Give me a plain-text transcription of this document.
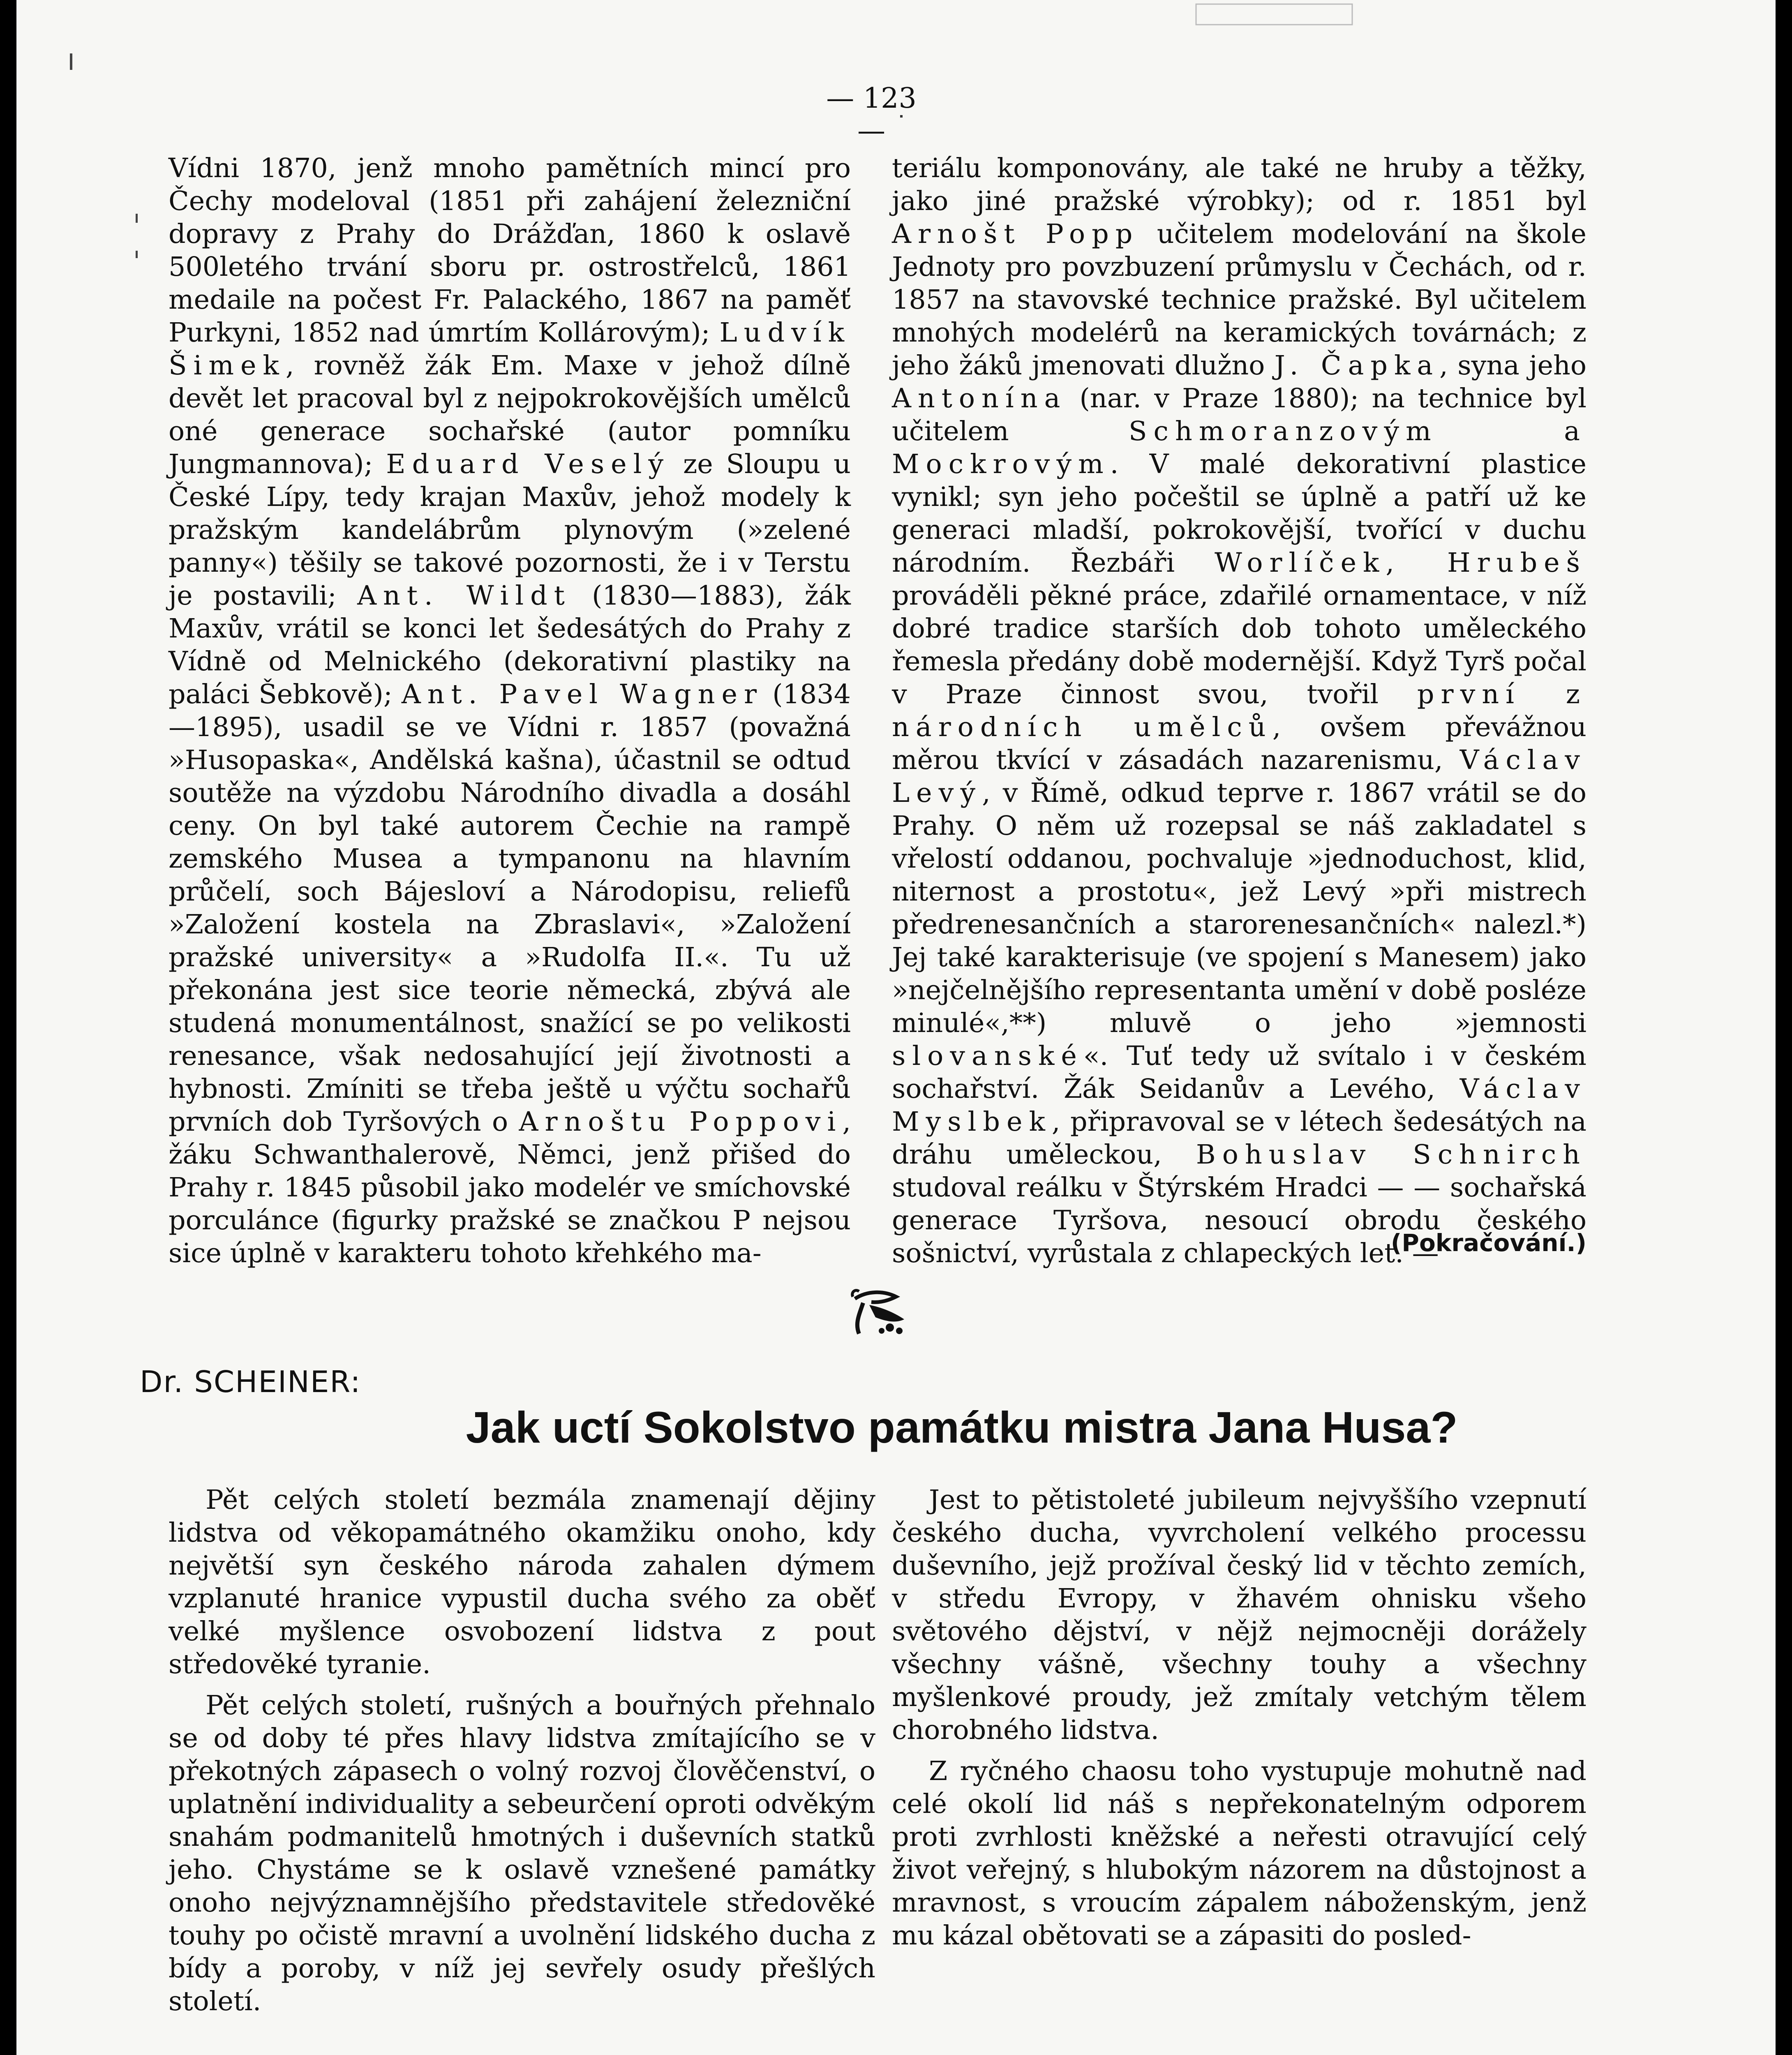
— 123 —

Vídni 1870, jenž mnoho pamětních mincí pro Čechy modeloval (1851 při zahájení železniční dopravy z Prahy do Drážďan, 1860 k oslavě 500letého trvání sboru pr. ostrostřelců, 1861 medaile na počest Fr. Palackého, 1867 na paměť Purkyni, 1852 nad úmrtím Kollárovým); Ludvík Šimek, rovněž žák Em. Maxe v jehož dílně devět let pracoval byl z nejpokrokovějších umělců oné generace sochařské (autor pomníku Jungmannova); Eduard Veselý ze Sloupu u České Lípy, tedy krajan Maxův, jehož modely k pražským kandelábrům plynovým (»zelené panny«) těšily se takové pozornosti, že i v Terstu je postavili; Ant. Wildt (1830—1883), žák Maxův, vrátil se konci let šedesátých do Prahy z Vídně od Melnického (dekorativní plastiky na paláci Šebkově); Ant. Pavel Wagner (1834—1895), usadil se ve Vídni r. 1857 (považná »Husopaska«, Andělská kašna), účastnil se odtud soutěže na výzdobu Národního divadla a dosáhl ceny. On byl také autorem Čechie na rampě zemského Musea a tympanonu na hlavním průčelí, soch Bájesloví a Národopisu, reliefů »Založení kostela na Zbraslavi«, »Založení pražské university« a »Rudolfa II.«. Tu už překonána jest sice teorie německá, zbývá ale studená monumentálnost, snažící se po velikosti renesance, však nedosahující její životnosti a hybnosti. Zmíniti se třeba ještě u výčtu sochařů prvních dob Tyršových o Arnoštu Poppovi, žáku Schwanthalerově, Němci, jenž přišed do Prahy r. 1845 působil jako modelér ve smíchovské porculánce (figurky pražské se značkou P nejsou sice úplně v karakteru tohoto křehkého ma-

teriálu komponovány, ale také ne hruby a těžky, jako jiné pražské výrobky); od r. 1851 byl Arnošt Popp učitelem modelování na škole Jednoty pro povzbuzení průmyslu v Čechách, od r. 1857 na stavovské technice pražské. Byl učitelem mnohých modelérů na keramických továrnách; z jeho žáků jmenovati dlužno J. Čapka, syna jeho Antonína (nar. v Praze 1880); na technice byl učitelem Schmoranzovým a Mockrovým. V malé dekorativní plastice vynikl; syn jeho počeštil se úplně a patří už ke generaci mladší, pokrokovější, tvořící v duchu národním. Řezbáři Worlíček, Hrubeš prováděli pěkné práce, zdařilé ornamentace, v níž dobré tradice starších dob tohoto uměleckého řemesla předány době modernější. Když Tyrš počal v Praze činnost svou, tvořil první z národních umělců, ovšem převážnou měrou tkvící v zásadách nazarenismu, Václav Levý, v Římě, odkud teprve r. 1867 vrátil se do Prahy. O něm už rozepsal se náš zakladatel s vřelostí oddanou, pochvaluje »jednoduchost, klid, niternost a prostotu«, jež Levý »při mistrech předrenesančních a starorenesančních« nalezl.*) Jej také karakterisuje (ve spojení s Manesem) jako »nejčelnějšího representanta umění v době posléze minulé«,**) mluvě o jeho »jemnosti slovanské«. Tuť tedy už svítalo i v českém sochařství. Žák Seidanův a Levého, Václav Myslbek, připravoval se v létech šedesátých na dráhu uměleckou, Bohuslav Schnirch studoval reálku v Štýrském Hradci — — sochařská generace Tyršova, nesoucí obrodu českého sošnictví, vyrůstala z chlapeckých let. —

(Pokračování.)
Dr. SCHEINER:
Jak uctí Sokolstvo památku mistra Jana Husa?

Pět celých století bezmála znamenají dějiny lidstva od věkopamátného okamžiku onoho, kdy největší syn českého národa zahalen dýmem vzplanuté hranice vypustil ducha svého za oběť velké myšlence osvobození lidstva z pout středověké tyranie.

Pět celých století, rušných a bouřných přehnalo se od doby té přes hlavy lidstva zmítajícího se v překotných zápasech o volný rozvoj člověčenství, o uplatnění individuality a sebeurčení oproti odvěkým snahám podmanitelů hmotných i duševních statků jeho. Chystáme se k oslavě vznešené památky onoho nejvýznamnějšího představitele středověké touhy po očistě mravní a uvolnění lidského ducha z bídy a poroby, v níž jej sevřely osudy přešlých století.

Jest to pětistoleté jubileum nejvyššího vzepnutí českého ducha, vyvrcholení velkého processu duševního, jejž prožíval český lid v těchto zemích, v středu Evropy, v žhavém ohnisku všeho světového dějství, v nějž nejmocněji dorážely všechny vášně, všechny touhy a všechny myšlenkové proudy, jež zmítaly vetchým tělem chorobného lidstva.

Z ryčného chaosu toho vystupuje mohutně nad celé okolí lid náš s nepřekonatelným odporem proti zvrhlosti kněžské a neřesti otravující celý život veřejný, s hlubokým názorem na důstojnost a mravnost, s vroucím zápalem náboženským, jenž mu kázal obětovati se a zápasiti do posled-
